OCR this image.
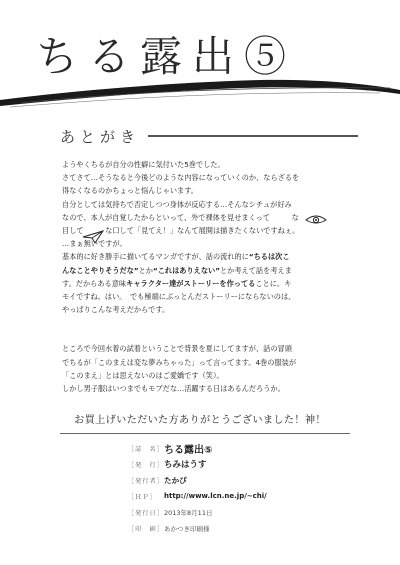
ちる露出⑤
あとがき

ようやくちるが自分の性癖に気付いた5巻でした。

さてさて…そうなると今後どのような内容になっていくのか、ならざるを

得なくなるのかちょっと悩んじゃいます。

自分としては気持ちで否定しつつ身体が反応する…そんなシチュが好み

なので、本人が自覚したからといって、外で裸体を見せまくって　　　	な

目して　　　	な口して「見てえ！」なんて展開は描きたくないですねぇ。

…まぁ無いですが。

基本的に好き勝手に描いてるマンガですが、話の流れ的に“ちるは次こ

んなことやりそうだな”とか“これはありえない”とか考えて話を考えま

す。だからある意味キャラクター達がストーリーを作ってることに。キ

モイですね。はい。　でも極端にぶっとんだストーリーにならないのは、

やっぱりこんな考えだからです。

ところで今回水着の試着ということで背景を夏にしてますが、話の冒頭

でちるが「このまえは変な夢みちゃった」って言ってます。4巻の服装が

「このまえ」とは思えないのはご愛嬌です（笑）。

しかし男子服はいつまでもモブだな…活躍する日はあるんだろうか。

お買上げいただいた方ありがとうございました！神！
［誌　名］ ちる露出⑤
［発　行］ ちみはうす
［発行者］ たかぴ
［ＨＰ］	http://www.lcn.ne.jp/~chi/
［発行日］ 2013年8月11日
［印　刷］ あかつき印刷様
